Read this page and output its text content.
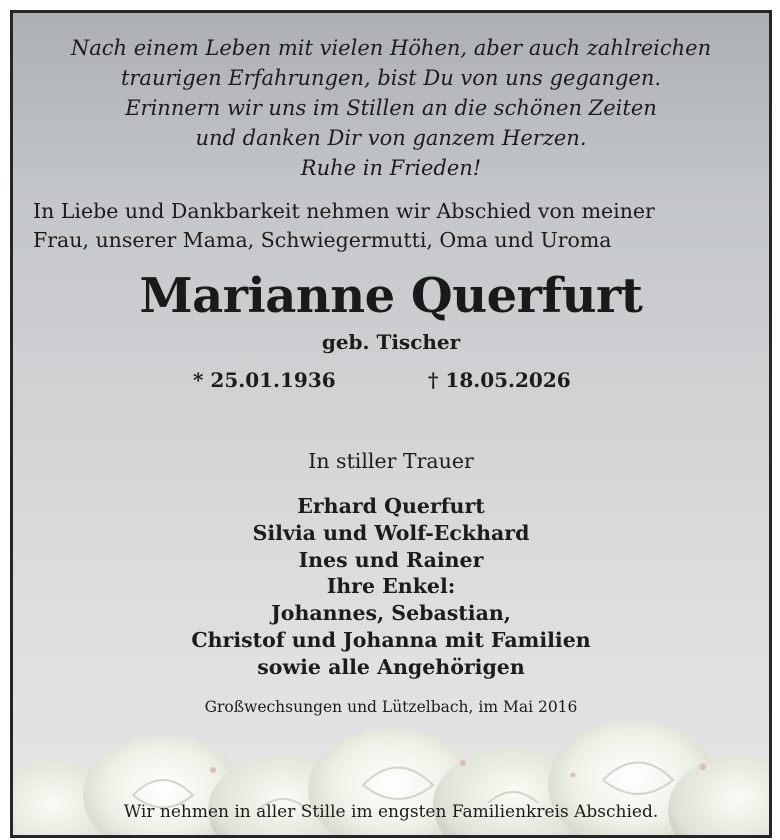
Nach einem Leben mit vielen Höhen, aber auch zahlreichen
traurigen Erfahrungen, bist Du von uns gegangen.
Erinnern wir uns im Stillen an die schönen Zeiten
und danken Dir von ganzem Herzen.
Ruhe in Frieden!
In Liebe und Dankbarkeit nehmen wir Abschied von meiner
Frau, unserer Mama, Schwiegermutti, Oma und Uroma
Marianne Querfurt
geb. Tischer
* 25.01.1936	† 18.05.2026
In stiller Trauer
Erhard Querfurt
Silvia und Wolf-Eckhard
Ines und Rainer
Ihre Enkel:
Johannes, Sebastian,
Christof und Johanna mit Familien
sowie alle Angehörigen
Großwechsungen und Lützelbach, im Mai 2016
Wir nehmen in aller Stille im engsten Familienkreis Abschied.
